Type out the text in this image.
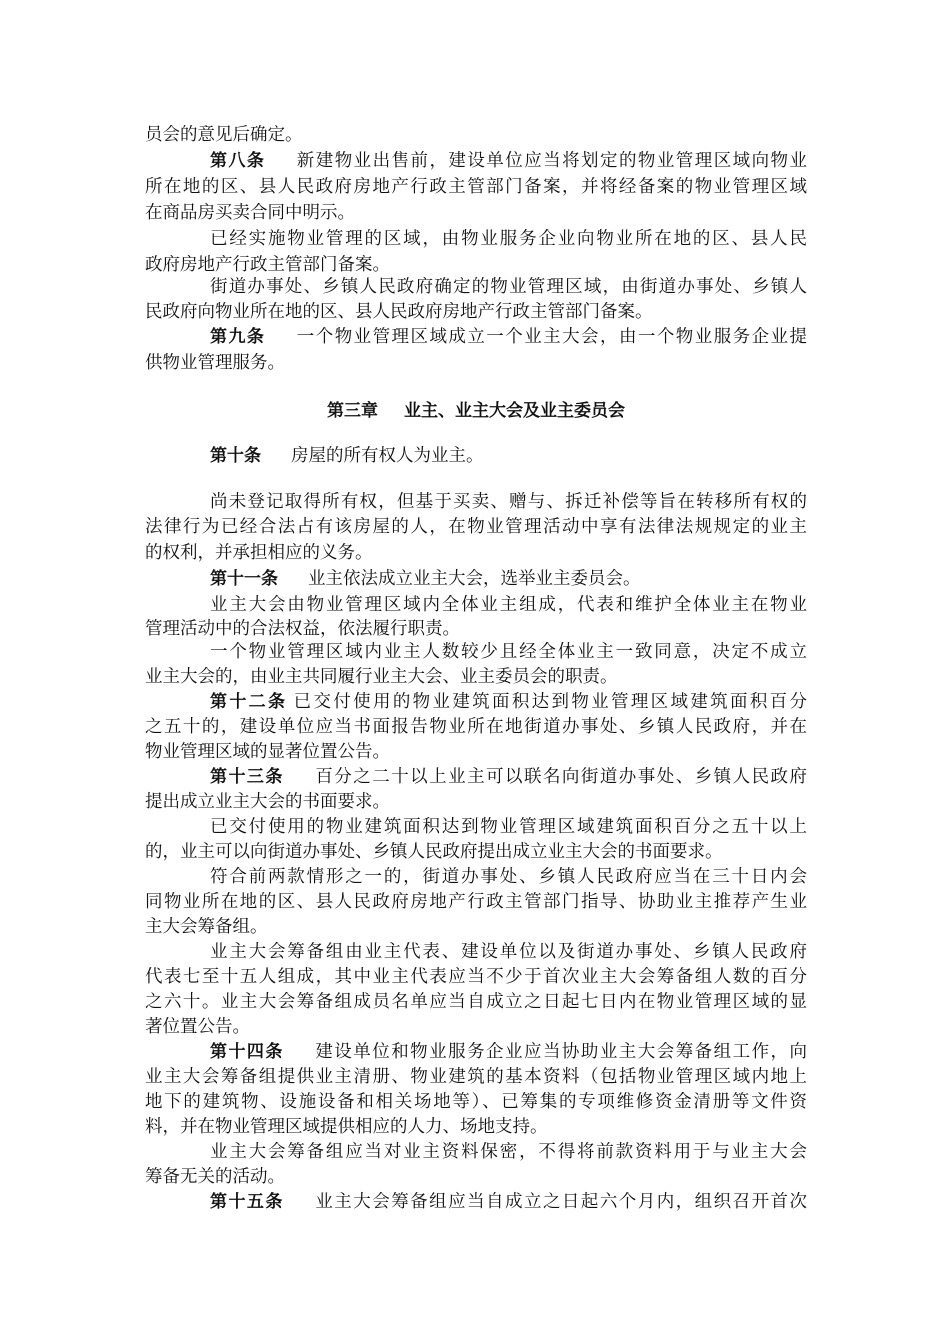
员会的意见后确定。
第八条 新建物业出售前，建设单位应当将划定的物业管理区域向物业
所在地的区、县人民政府房地产行政主管部门备案，并将经备案的物业管理区域
在商品房买卖合同中明示。
已经实施物业管理的区域，由物业服务企业向物业所在地的区、县人民
政府房地产行政主管部门备案。
街道办事处、乡镇人民政府确定的物业管理区域，由街道办事处、乡镇人
民政府向物业所在地的区、县人民政府房地产行政主管部门备案。
第九条 一个物业管理区域成立一个业主大会，由一个物业服务企业提
供物业管理服务。
第三章 业主、业主大会及业主委员会
第十条 房屋的所有权人为业主。
尚未登记取得所有权，但基于买卖、赠与、拆迁补偿等旨在转移所有权的
法律行为已经合法占有该房屋的人，在物业管理活动中享有法律法规规定的业主
的权利，并承担相应的义务。
第十一条 业主依法成立业主大会，选举业主委员会。
业主大会由物业管理区域内全体业主组成，代表和维护全体业主在物业
管理活动中的合法权益，依法履行职责。
一个物业管理区域内业主人数较少且经全体业主一致同意，决定不成立
业主大会的，由业主共同履行业主大会、业主委员会的职责。
第十二条 已交付使用的物业建筑面积达到物业管理区域建筑面积百分
之五十的，建设单位应当书面报告物业所在地街道办事处、乡镇人民政府，并在
物业管理区域的显著位置公告。
第十三条 百分之二十以上业主可以联名向街道办事处、乡镇人民政府
提出成立业主大会的书面要求。
已交付使用的物业建筑面积达到物业管理区域建筑面积百分之五十以上
的，业主可以向街道办事处、乡镇人民政府提出成立业主大会的书面要求。
符合前两款情形之一的，街道办事处、乡镇人民政府应当在三十日内会
同物业所在地的区、县人民政府房地产行政主管部门指导、协助业主推荐产生业
主大会筹备组。
业主大会筹备组由业主代表、建设单位以及街道办事处、乡镇人民政府
代表七至十五人组成，其中业主代表应当不少于首次业主大会筹备组人数的百分
之六十。业主大会筹备组成员名单应当自成立之日起七日内在物业管理区域的显
著位置公告。
第十四条 建设单位和物业服务企业应当协助业主大会筹备组工作，向
业主大会筹备组提供业主清册、物业建筑的基本资料（包括物业管理区域内地上
地下的建筑物、设施设备和相关场地等）、已筹集的专项维修资金清册等文件资
料，并在物业管理区域提供相应的人力、场地支持。
业主大会筹备组应当对业主资料保密，不得将前款资料用于与业主大会
筹备无关的活动。
第十五条 业主大会筹备组应当自成立之日起六个月内，组织召开首次
